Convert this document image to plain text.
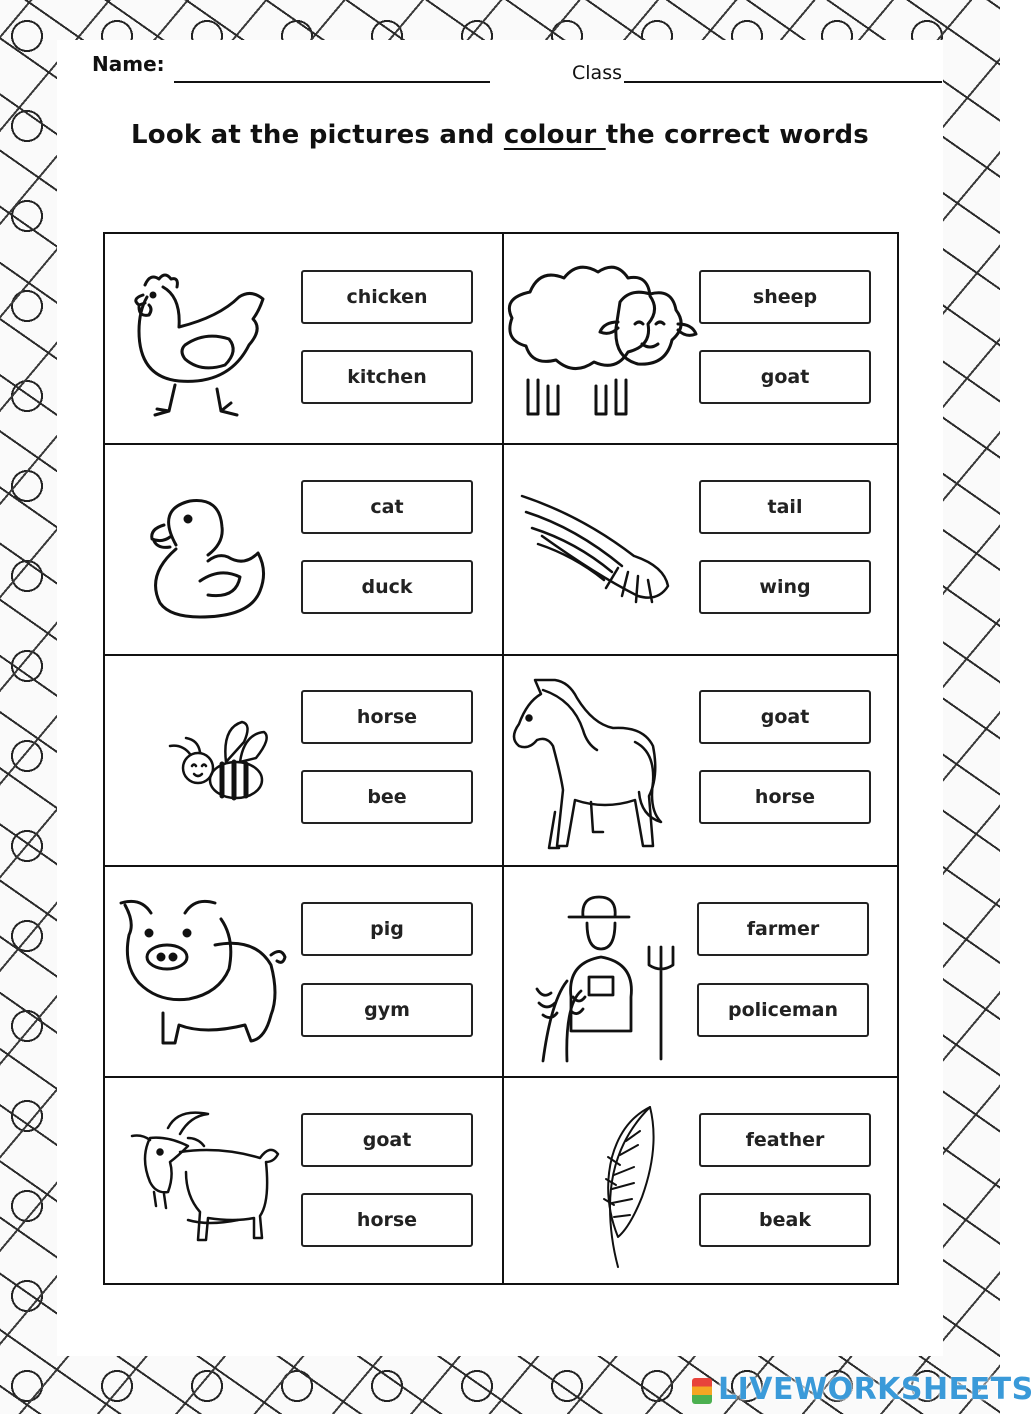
Name:	Class
Look at the pictures and colour the correct words
chicken
kitchen
sheep
goat
cat
duck
tail
wing
horse
bee
goat
horse
pig
gym
farmer
policeman
goat
horse
feather
beak
LIVEWORKSHEETS
